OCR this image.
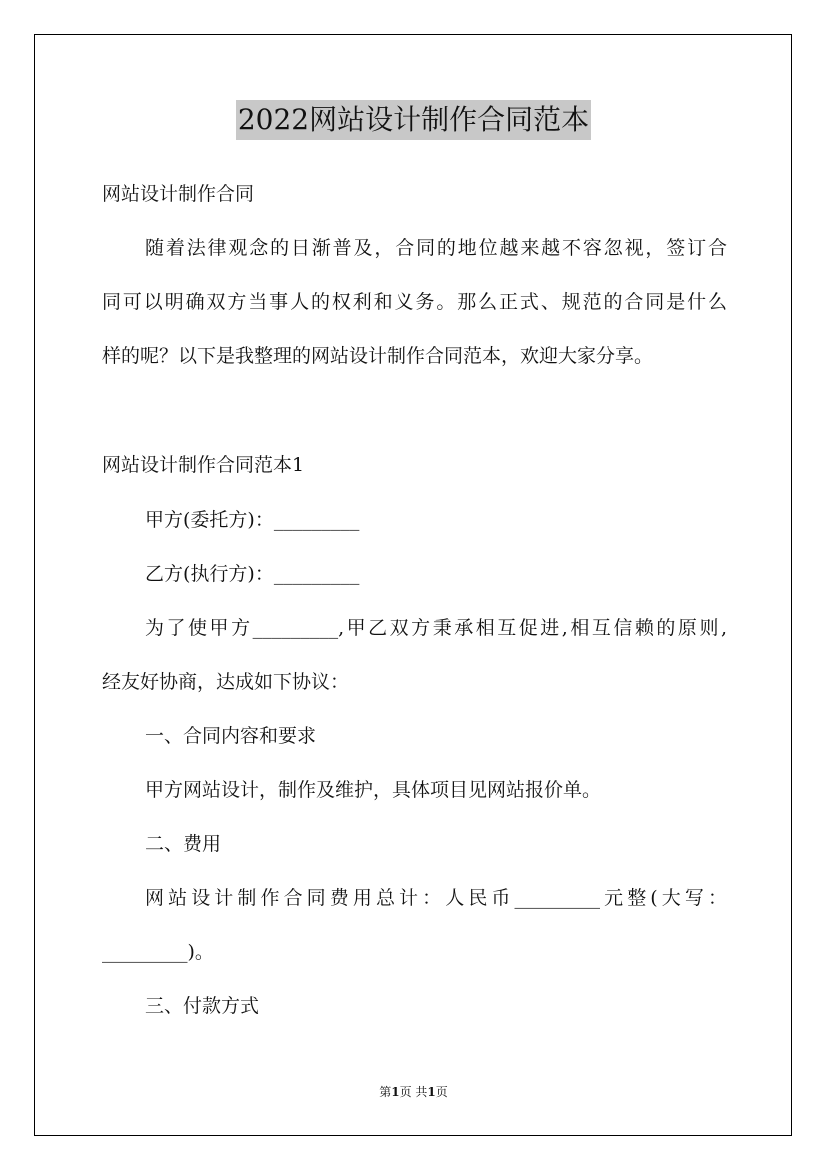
2022网站设计制作合同范本
网站设计制作合同
随着法律观念的日渐普及，合同的地位越来越不容忽视，签订合
同可以明确双方当事人的权利和义务。那么正式、规范的合同是什么
样的呢？以下是我整理的网站设计制作合同范本，欢迎大家分享。
网站设计制作合同范本1
甲方(委托方)：_________
乙方(执行方)：_________
为了使甲方_________,甲乙双方秉承相互促进,相互信赖的原则,
经友好协商，达成如下协议：
一、合同内容和要求
甲方网站设计，制作及维护，具体项目见网站报价单。
二、费用
网站设计制作合同费用总计：人民币_________元整(大写：
_________)。
三、付款方式
第1页 共1页
